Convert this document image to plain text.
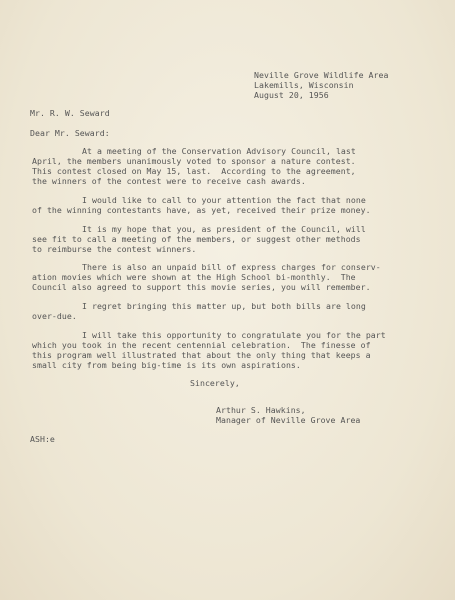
Neville Grove Wildlife Area
Lakemills, Wisconsin
August 20, 1956
Mr. R. W. Seward
Dear Mr. Seward:
At a meeting of the Conservation Advisory Council, last
April, the members unanimously voted to sponsor a nature contest.
This contest closed on May 15, last.  According to the agreement,
the winners of the contest were to receive cash awards.
I would like to call to your attention the fact that none
of the winning contestants have, as yet, received their prize money.
It is my hope that you, as president of the Council, will
see fit to call a meeting of the members, or suggest other methods
to reimburse the contest winners.
There is also an unpaid bill of express charges for conserv-
ation movies which were shown at the High School bi-monthly.  The
Council also agreed to support this movie series, you will remember.
I regret bringing this matter up, but both bills are long
over-due.
I will take this opportunity to congratulate you for the part
which you took in the recent centennial celebration.  The finesse of
this program well illustrated that about the only thing that keeps a
small city from being big-time is its own aspirations.
Sincerely,
Arthur S. Hawkins,
Manager of Neville Grove Area
ASH:e
